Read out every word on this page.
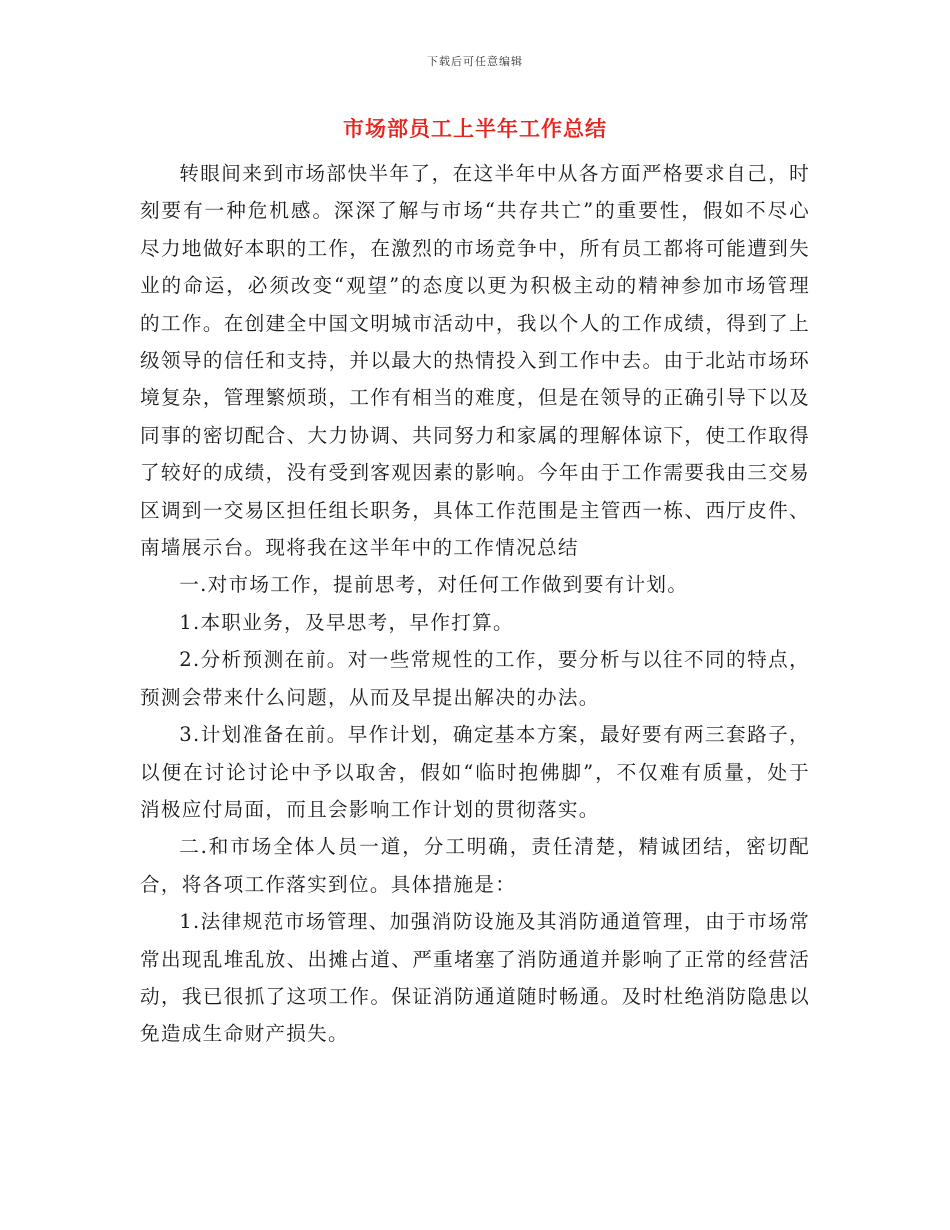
下载后可任意编辑
市场部员工上半年工作总结

转眼间来到市场部快半年了，在这半年中从各方面严格要求自己，时刻要有一种危机感。深深了解与市场“共存共亡”的重要性，假如不尽心尽力地做好本职的工作，在激烈的市场竞争中，所有员工都将可能遭到失业的命运，必须改变“观望”的态度以更为积极主动的精神参加市场管理的工作。在创建全中国文明城市活动中，我以个人的工作成绩，得到了上级领导的信任和支持，并以最大的热情投入到工作中去。由于北站市场环境复杂，管理繁烦琐，工作有相当的难度，但是在领导的正确引导下以及同事的密切配合、大力协调、共同努力和家属的理解体谅下，使工作取得了较好的成绩，没有受到客观因素的影响。今年由于工作需要我由三交易区调到一交易区担任组长职务，具体工作范围是主管西一栋、西厅皮件、南墙展示台。现将我在这半年中的工作情况总结

一.对市场工作，提前思考，对任何工作做到要有计划。

1.本职业务，及早思考，早作打算。

2.分析预测在前。对一些常规性的工作，要分析与以往不同的特点，预测会带来什么问题，从而及早提出解决的办法。

3.计划准备在前。早作计划，确定基本方案，最好要有两三套路子，以便在讨论讨论中予以取舍，假如“临时抱佛脚”，不仅难有质量，处于消极应付局面，而且会影响工作计划的贯彻落实。

二.和市场全体人员一道，分工明确，责任清楚，精诚团结，密切配合，将各项工作落实到位。具体措施是：

1.法律规范市场管理、加强消防设施及其消防通道管理，由于市场常常出现乱堆乱放、出摊占道、严重堵塞了消防通道并影响了正常的经营活动，我已很抓了这项工作。保证消防通道随时畅通。及时杜绝消防隐患以免造成生命财产损失。
